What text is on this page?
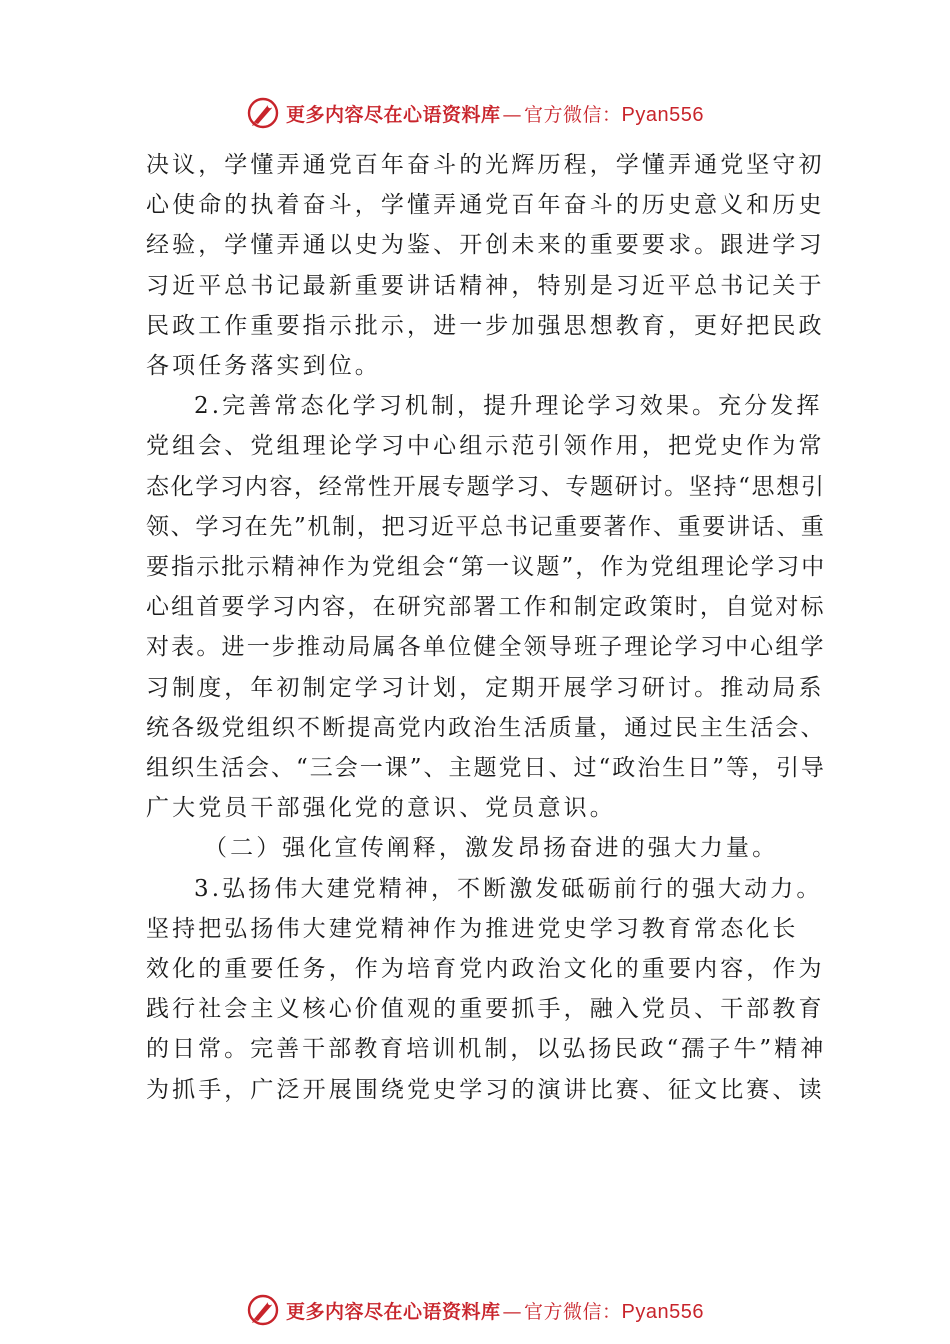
更多内容尽在心语资料库 — 官方微信：Pyan556

决议，学懂弄通党百年奋斗的光辉历程，学懂弄通党坚守初
心使命的执着奋斗，学懂弄通党百年奋斗的历史意义和历史
经验，学懂弄通以史为鉴、开创未来的重要要求。跟进学习
习近平总书记最新重要讲话精神，特别是习近平总书记关于
民政工作重要指示批示，进一步加强思想教育，更好把民政
各项任务落实到位。

2.完善常态化学习机制，提升理论学习效果。充分发挥
党组会、党组理论学习中心组示范引领作用，把党史作为常
态化学习内容，经常性开展专题学习、专题研讨。坚持“思想引
领、学习在先”机制，把习近平总书记重要著作、重要讲话、重
要指示批示精神作为党组会“第一议题”，作为党组理论学习中
心组首要学习内容，在研究部署工作和制定政策时，自觉对标
对表。进一步推动局属各单位健全领导班子理论学习中心组学
习制度，年初制定学习计划，定期开展学习研讨。推动局系
统各级党组织不断提高党内政治生活质量，通过民主生活会、
组织生活会、“三会一课”、主题党日、过“政治生日”等，引导
广大党员干部强化党的意识、党员意识。

（二）强化宣传阐释，激发昂扬奋进的强大力量。

3.弘扬伟大建党精神，不断激发砥砺前行的强大动力。
坚持把弘扬伟大建党精神作为推进党史学习教育常态化长
效化的重要任务，作为培育党内政治文化的重要内容，作为
践行社会主义核心价值观的重要抓手，融入党员、干部教育
的日常。完善干部教育培训机制，以弘扬民政“孺子牛”精神
为抓手，广泛开展围绕党史学习的演讲比赛、征文比赛、读

更多内容尽在心语资料库 — 官方微信：Pyan556
